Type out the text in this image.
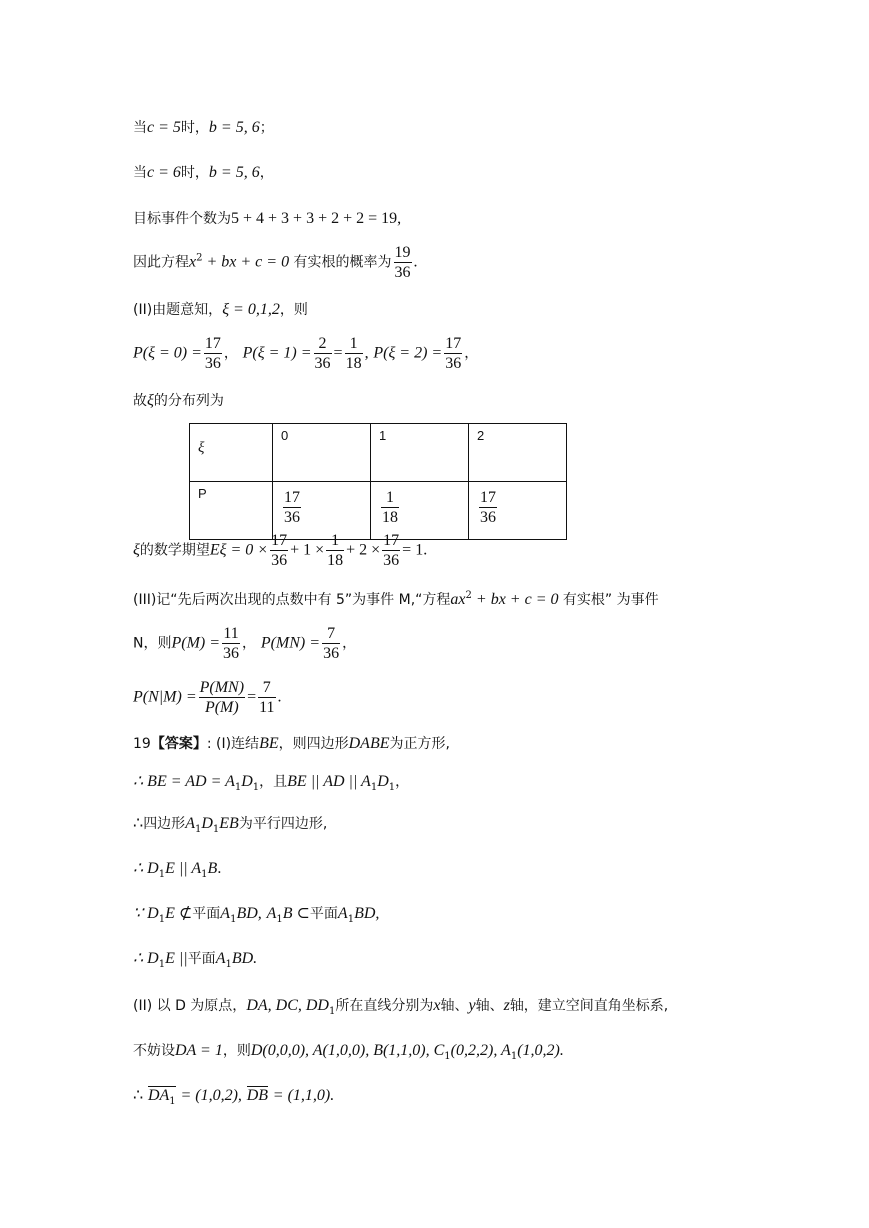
当c = 5时，b = 5, 6；
当c = 6时，b = 5, 6，
目标事件个数为5 + 4 + 3 + 3 + 2 + 2 = 19,
因此方程$x^2$ + bx + c = 0 有实根的概率为 $\frac{19}{36}$ .
(II)由题意知，ξ = 0,1,2，则
$P(\xi = 0) = \frac{17}{36}$ ， $P(\xi = 1) = \frac{2}{36} = \frac{1}{18}$ , $P(\xi = 2) = \frac{17}{36}$ ，
故ξ的分布列为
ξ	0	1	2
P	$\frac{17}{36}$	$\frac{1}{18}$	$\frac{17}{36}$
ξ的数学期望$E\xi = 0 \times \frac{17}{36} + 1 \times \frac{1}{18} + 2 \times \frac{17}{36} = 1$.
(III)记“先后两次出现的点数中有 5”为事件 M,“方程$ax^2$ + bx + c = 0 有实根” 为事件
N，则$P(M) = \frac{11}{36}$ ， $P(MN) = \frac{7}{36}$ ，
$P(N|M) = \frac{P(MN)}{P(M)} = \frac{7}{11}$ .
19【答案】: (I)连结BE，则四边形DABE为正方形,
∴ BE = AD = $A_1D_1$，且BE || AD || $A_1D_1$，
∴四边形$A_1D_1EB$为平行四边形,
∴ $D_1E$ || $A_1B$.
∵ $D_1E$ ⊄平面$A_1BD$, $A_1B$ ⊂平面$A_1BD$,
∴ $D_1E$ ||平面$A_1BD$.
(II) 以 D 为原点，DA, DC, $DD_1$所在直线分别为x轴、y轴、z轴，建立空间直角坐标系,
不妨设DA = 1，则D(0,0,0), A(1,0,0), B(1,1,0), $C_1(0,2,2)$, $A_1(1,0,2)$.
∴ $DA_1 = (1,0,2)$, DB = (1,1,0).
